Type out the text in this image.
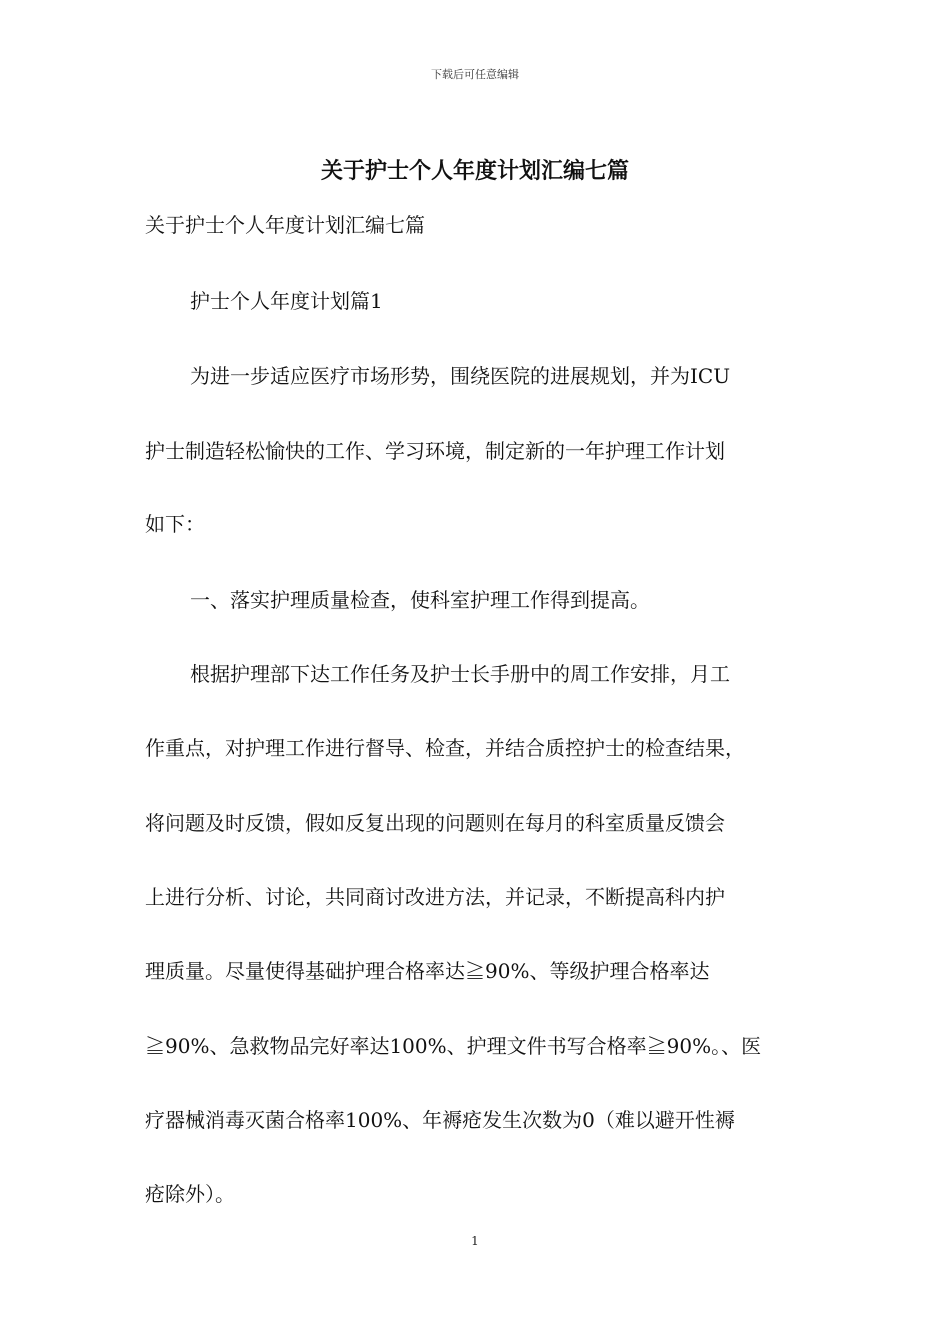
下载后可任意编辑
关于护士个人年度计划汇编七篇

关于护士个人年度计划汇编七篇

护士个人年度计划篇1

为进一步适应医疗市场形势，围绕医院的进展规划，并为ICU

护士制造轻松愉快的工作、学习环境，制定新的一年护理工作计划

如下：

一、落实护理质量检查，使科室护理工作得到提高。

根据护理部下达工作任务及护士长手册中的周工作安排，月工

作重点，对护理工作进行督导、检查，并结合质控护士的检查结果，

将问题及时反馈，假如反复出现的问题则在每月的科室质量反馈会

上进行分析、讨论，共同商讨改进方法，并记录，不断提高科内护

理质量。尽量使得基础护理合格率达≧90%、等级护理合格率达

≧90%、急救物品完好率达100%、护理文件书写合格率≧90%。、医

疗器械消毒灭菌合格率100%、年褥疮发生次数为0（难以避开性褥

疮除外）。

1
